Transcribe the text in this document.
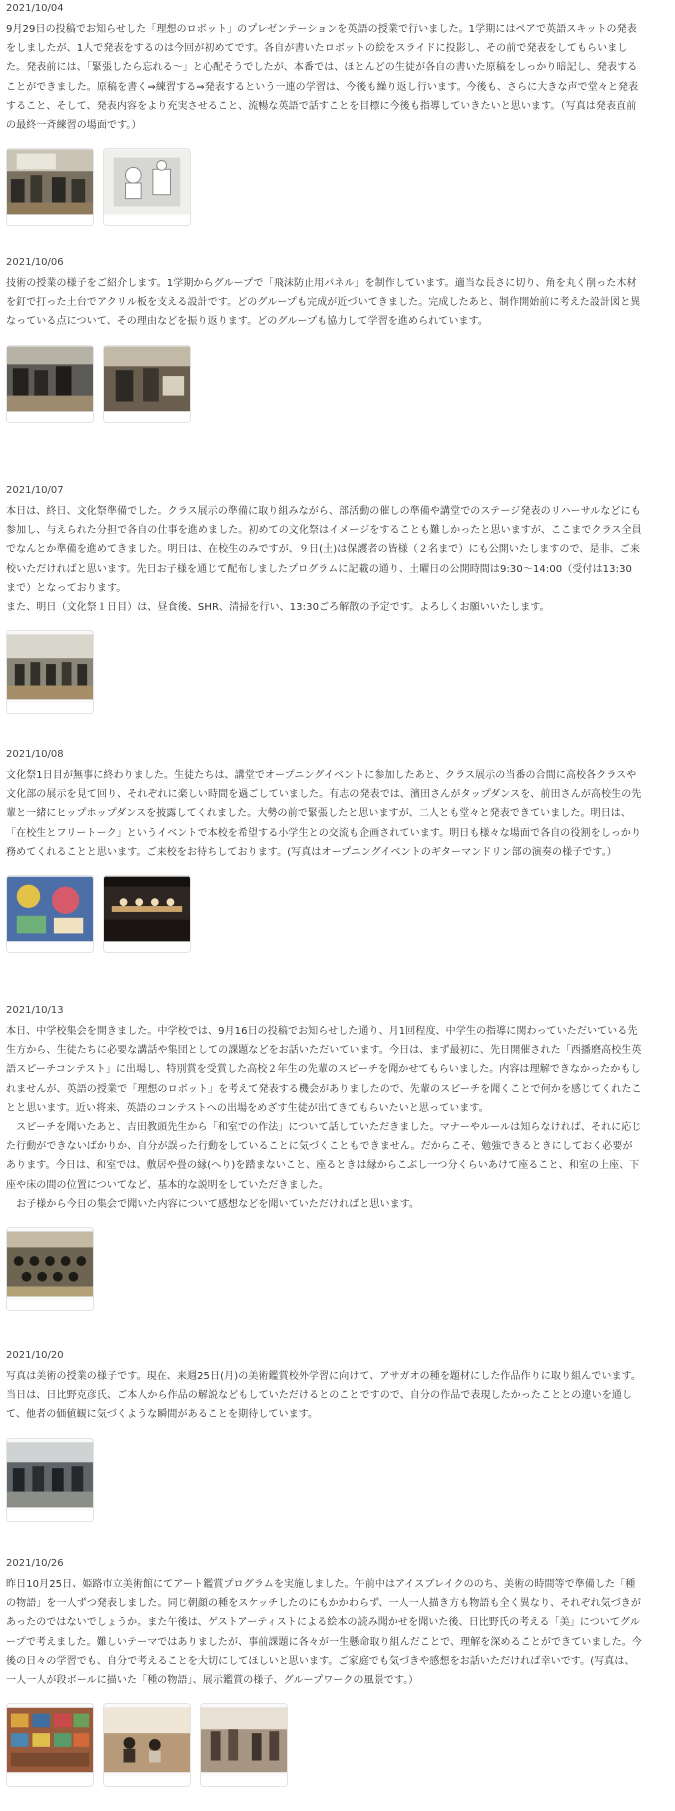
2021/10/04

9月29日の投稿でお知らせした「理想のロボット」のプレゼンテーションを英語の授業で行いました。1学期にはペアで英語スキットの発表をしましたが、1人で発表をするのは今回が初めてです。各自が書いたロボットの絵をスライドに投影し、その前で発表をしてもらいました。発表前には、「緊張したら忘れる～」と心配そうでしたが、本番では、ほとんどの生徒が各自の書いた原稿をしっかり暗記し、発表することができました。原稿を書く⇒練習する⇒発表するという一連の学習は、今後も繰り返し行います。今後も、さらに大きな声で堂々と発表すること、そして、発表内容をより充実させること、流暢な英語で話すことを目標に今後も指導していきたいと思います。（写真は発表直前の最終一斉練習の場面です。）

2021/10/06

技術の授業の様子をご紹介します。1学期からグループで「飛沫防止用パネル」を制作しています。適当な長さに切り、角を丸く削った木材を釘で打った土台でアクリル板を支える設計です。どのグループも完成が近づいてきました。完成したあと、制作開始前に考えた設計図と異なっている点について、その理由などを振り返ります。どのグループも協力して学習を進められています。

2021/10/07

本日は、終日、文化祭準備でした。クラス展示の準備に取り組みながら、部活動の催しの準備や講堂でのステージ発表のリハーサルなどにも参加し、与えられた分担で各自の仕事を進めました。初めての文化祭はイメージをすることも難しかったと思いますが、ここまでクラス全員でなんとか準備を進めてきました。明日は、在校生のみですが、９日(土)は保護者の皆様（２名まで）にも公開いたしますので、是非、ご来校いただければと思います。先日お子様を通じて配布しましたプログラムに記載の通り、土曜日の公開時間は9:30～14:00（受付は13:30まで）となっております。
また、明日（文化祭１日目）は、昼食後、SHR、清掃を行い、13:30ごろ解散の予定です。よろしくお願いいたします。

2021/10/08

文化祭1日目が無事に終わりました。生徒たちは、講堂でオープニングイベントに参加したあと、クラス展示の当番の合間に高校各クラスや文化部の展示を見て回り、それぞれに楽しい時間を過ごしていました。有志の発表では、濱田さんがタップダンスを、前田さんが高校生の先輩と一緒にヒップホップダンスを披露してくれました。大勢の前で緊張したと思いますが、二人とも堂々と発表できていました。明日は、「在校生とフリートーク」というイベントで本校を希望する小学生との交流も企画されています。明日も様々な場面で各自の役割をしっかり務めてくれることと思います。ご来校をお待ちしております。(写真はオープニングイベントのギターマンドリン部の演奏の様子です。）

2021/10/13

本日、中学校集会を開きました。中学校では、9月16日の投稿でお知らせした通り、月1回程度、中学生の指導に関わっていただいている先生方から、生徒たちに必要な講話や集団としての課題などをお話いただいています。今日は、まず最初に、先日開催された「西播磨高校生英語スピーチコンテスト」に出場し、特別賞を受賞した高校２年生の先輩のスピーチを聞かせてもらいました。内容は理解できなかったかもしれませんが、英語の授業で「理想のロボット」を考えて発表する機会がありましたので、先輩のスピーチを聞くことで何かを感じてくれたことと思います。近い将来、英語のコンテストへの出場をめざす生徒が出てきてもらいたいと思っています。
　スピーチを聞いたあと、吉田教頭先生から「和室での作法」について話していただきました。マナーやルールは知らなければ、それに応じた行動ができないばかりか、自分が誤った行動をしていることに気づくこともできません。だからこそ、勉強できるときにしておく必要があります。今日は、和室では、敷居や畳の縁(へり)を踏まないこと、座るときは縁からこぶし一つ分くらいあけて座ること、和室の上座、下座や床の間の位置についてなど、基本的な説明をしていただきました。
　お子様から今日の集会で聞いた内容について感想などを聞いていただければと思います。

2021/10/20

写真は美術の授業の様子です。現在、来週25日(月)の美術鑑賞校外学習に向けて、アサガオの種を題材にした作品作りに取り組んでいます。当日は、日比野克彦氏、ご本人から作品の解説などもしていただけるとのことですので、自分の作品で表現したかったこととの違いを通して、他者の価値観に気づくような瞬間があることを期待しています。

2021/10/26

昨日10月25日、姫路市立美術館にてアート鑑賞プログラムを実施しました。午前中はアイスブレイクののち、美術の時間等で準備した「種の物語」を一人ずつ発表しました。同じ朝顔の種をスケッチしたのにもかかわらず、一人一人描き方も物語も全く異なり、それぞれ気づきがあったのではないでしょうか。また午後は、ゲストアーティストによる絵本の読み聞かせを聞いた後、日比野氏の考える「美」についてグループで考えました。難しいテーマではありましたが、事前課題に各々が一生懸命取り組んだことで、理解を深めることができていました。今後の日々の学習でも、自分で考えることを大切にしてほしいと思います。ご家庭でも気づきや感想をお話いただければ幸いです。(写真は、一人一人が段ボールに描いた「種の物語」、展示鑑賞の様子、グループワークの風景です。）
